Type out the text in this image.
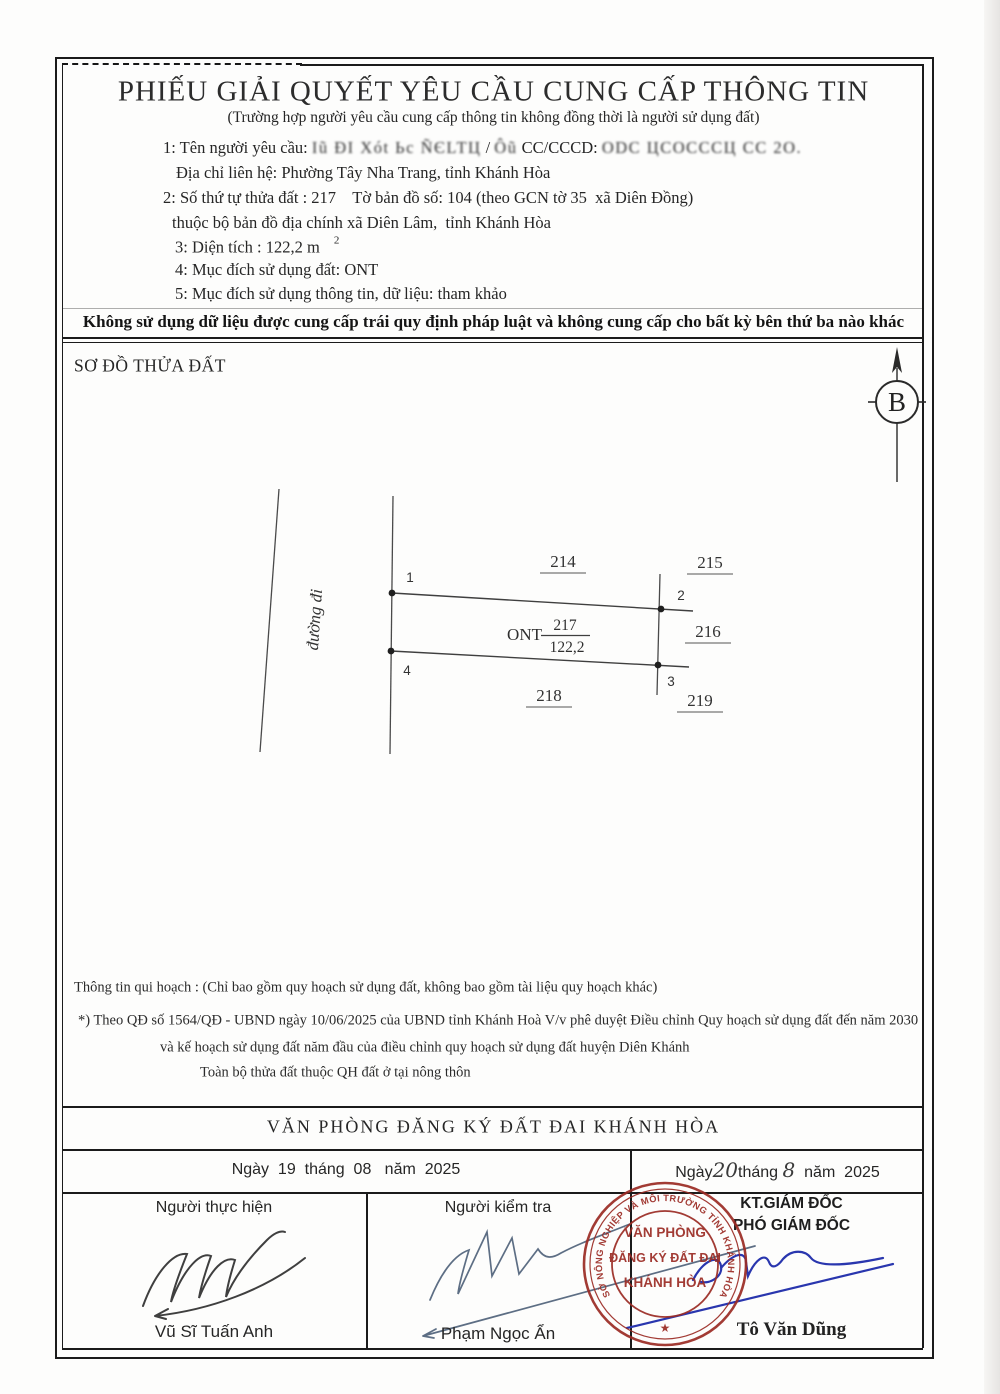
PHIẾU GIẢI QUYẾT YÊU CẦU CUNG CẤP THÔNG TIN
(Trường hợp người yêu cầu cung cấp thông tin không đồng thời là người sử dụng đất)
1: Tên người yêu cầu: Iũ ĐI Xót Ьc ÑЄLTЦ / Ôũ CC/CCCD: ODC ЦCOCCCЦ CC 2O.
Địa chỉ liên hệ: Phường Tây Nha Trang, tỉnh Khánh Hòa
2: Số thứ tự thửa đất : 217    Tờ bản đồ số: 104 (theo GCN tờ 35  xã Diên Đồng)
thuộc bộ bản đồ địa chính xã Diên Lâm,  tỉnh Khánh Hòa
3: Diện tích : 122,2 m $^2$
4: Mục đích sử dụng đất: ONT
5: Mục đích sử dụng thông tin, dữ liệu: tham khảo
Không sử dụng dữ liệu được cung cấp trái quy định pháp luật và không cung cấp cho bất kỳ bên thứ ba nào khác
SƠ ĐỒ THỬA ĐẤT
B
đường đi
1
2
3
4
214	215
216
218	219
ONT 217
122,2
Thông tin qui hoạch : (Chỉ bao gồm quy hoạch sử dụng đất, không bao gồm tài liệu quy hoạch khác)
*) Theo QĐ số 1564/QĐ - UBND ngày 10/06/2025 của UBND tỉnh Khánh Hoà V/v phê duyệt Điều chỉnh Quy hoạch sử dụng đất đến năm 2030
và kế hoạch sử dụng đất năm đầu của điều chỉnh quy hoạch sử dụng đất huyện Diên Khánh
Toàn bộ thửa đất thuộc QH đất ở tại nông thôn
VĂN PHÒNG ĐĂNG KÝ ĐẤT ĐAI KHÁNH HÒA
Ngày  19  tháng  08   năm  2025	Ngày20tháng 8 năm  2025
Người thực hiện	Người kiểm tra	KT.GIÁM ĐỐC
PHÓ GIÁM ĐỐC
SỞ NÔNG NGHIỆP VÀ MÔI TRƯỜNG TỈNH KHÁNH HÒA
★
VĂN PHÒNG
ĐĂNG KÝ ĐẤT ĐAI
KHÁNH HÒA
Vũ Sĩ Tuấn Anh	Phạm Ngọc Ẩn	Tô Văn Dũng
